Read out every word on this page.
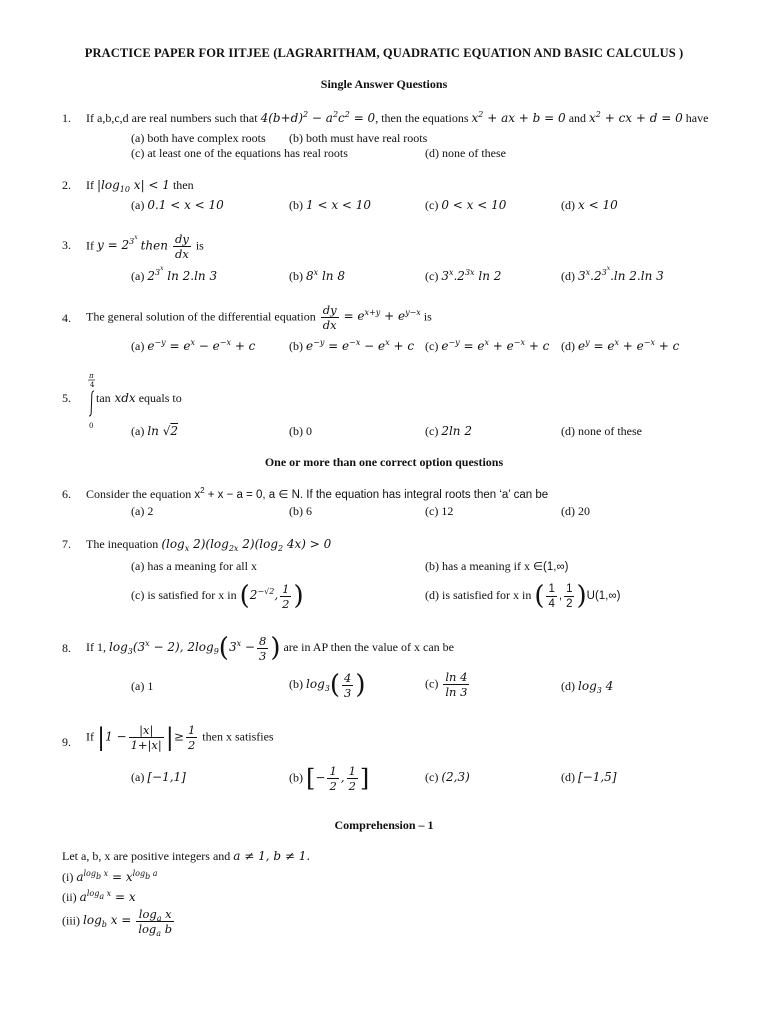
PRACTICE PAPER FOR IITJEE (LAGRARITHAM, QUADRATIC EQUATION AND BASIC CALCULUS )
Single Answer Questions
1. If a,b,c,d are real numbers such that $4(b+d)^2 - a^2c^2 = 0$, then the equations $x^2$ + ax + b = 0 and $x^2$ + cx + d = 0 have
(a) both have complex roots (b) both must have real roots
(c) at least one of the equations has real roots	(d) none of these
2. If $|\log_{10}$ x| < 1 then
(a) 0.1 < x < 10	(b) 1 < x < 10	(c) 0 < x < 10	(d) x < 10
3. If $y = 2^{3^x}$ then $\frac{dy}{dx}$ is
(a) $2^{3^x}$ ln 2.ln 3	(b) 8$^x$ ln 8	(c) $3^x.2^{3x}$ ln 2	(d) $3^x.2^{3^x}.\ln$ 2.ln 3
4. The general solution of the differential equation $\frac{dy}{dx} = e^{x+y} + e^{y-x}$ is
(a) $e^{-y} = e^x - e^{-x} + c$	(b) $e^{-y} = e^{-x} - e^x + c$ (c) $e^{-y} = e^x + e^{-x} + c$ (d) $e^y = e^x + e^{-x} + c$
π
4
0
5. tan xdx equals to
(a) ln √2	(b) 0	(c) 2ln 2	(d) none of these
One or more than one correct option questions
6. Consider the equation $x^2 + x - a = 0$, a ∈ N. If the equation has integral roots then ‘a’ can be
(a) 2	(b) 6	(c) 12	(d) 20
7. The inequation ($\log_x$ $2)(\log_{2x}$ $2)(\log_2$ 4x) > 0
(a) has a meaning for all x	(b) has a meaning if x ∈(1,∞)
(c) is satisfied for x in ($2^{-√2}$, $\frac{1}{2}$ )	(d) is satisfied for x in ( $\frac{1}{4}$ , $\frac{1}{2} )U(1,\infty)$
8. If 1, $\log_3(3^x - 2)$, $2\log_9(3^x - \frac{8}{3}$ ) are in AP then the value of x can be
(a) 1	(b) $\log_3( \frac{4}{3}$ )	$(c) \frac{\ln 4}{\ln 3}$	(d) $\log_3 4$
9. If $|1 - \frac{|x|}{1+|x|}$ |≥ $\frac{1}{2}$ then x satisfies
(a) [−1,1]	(b) [− $\frac{1}{2}$ , $\frac{1}{2}$ ]	(c) (2,3)	(d) [−1,5]
Comprehension – 1
Let a, b, x are positive integers and a ≠ 1, b ≠ 1.
(i) $a^{log_b x} = x^{log_b a}$
(ii) $a^{log_a x} = x$
(iii) $\log_b x = \frac{\log_a x}{\log_a b}$
